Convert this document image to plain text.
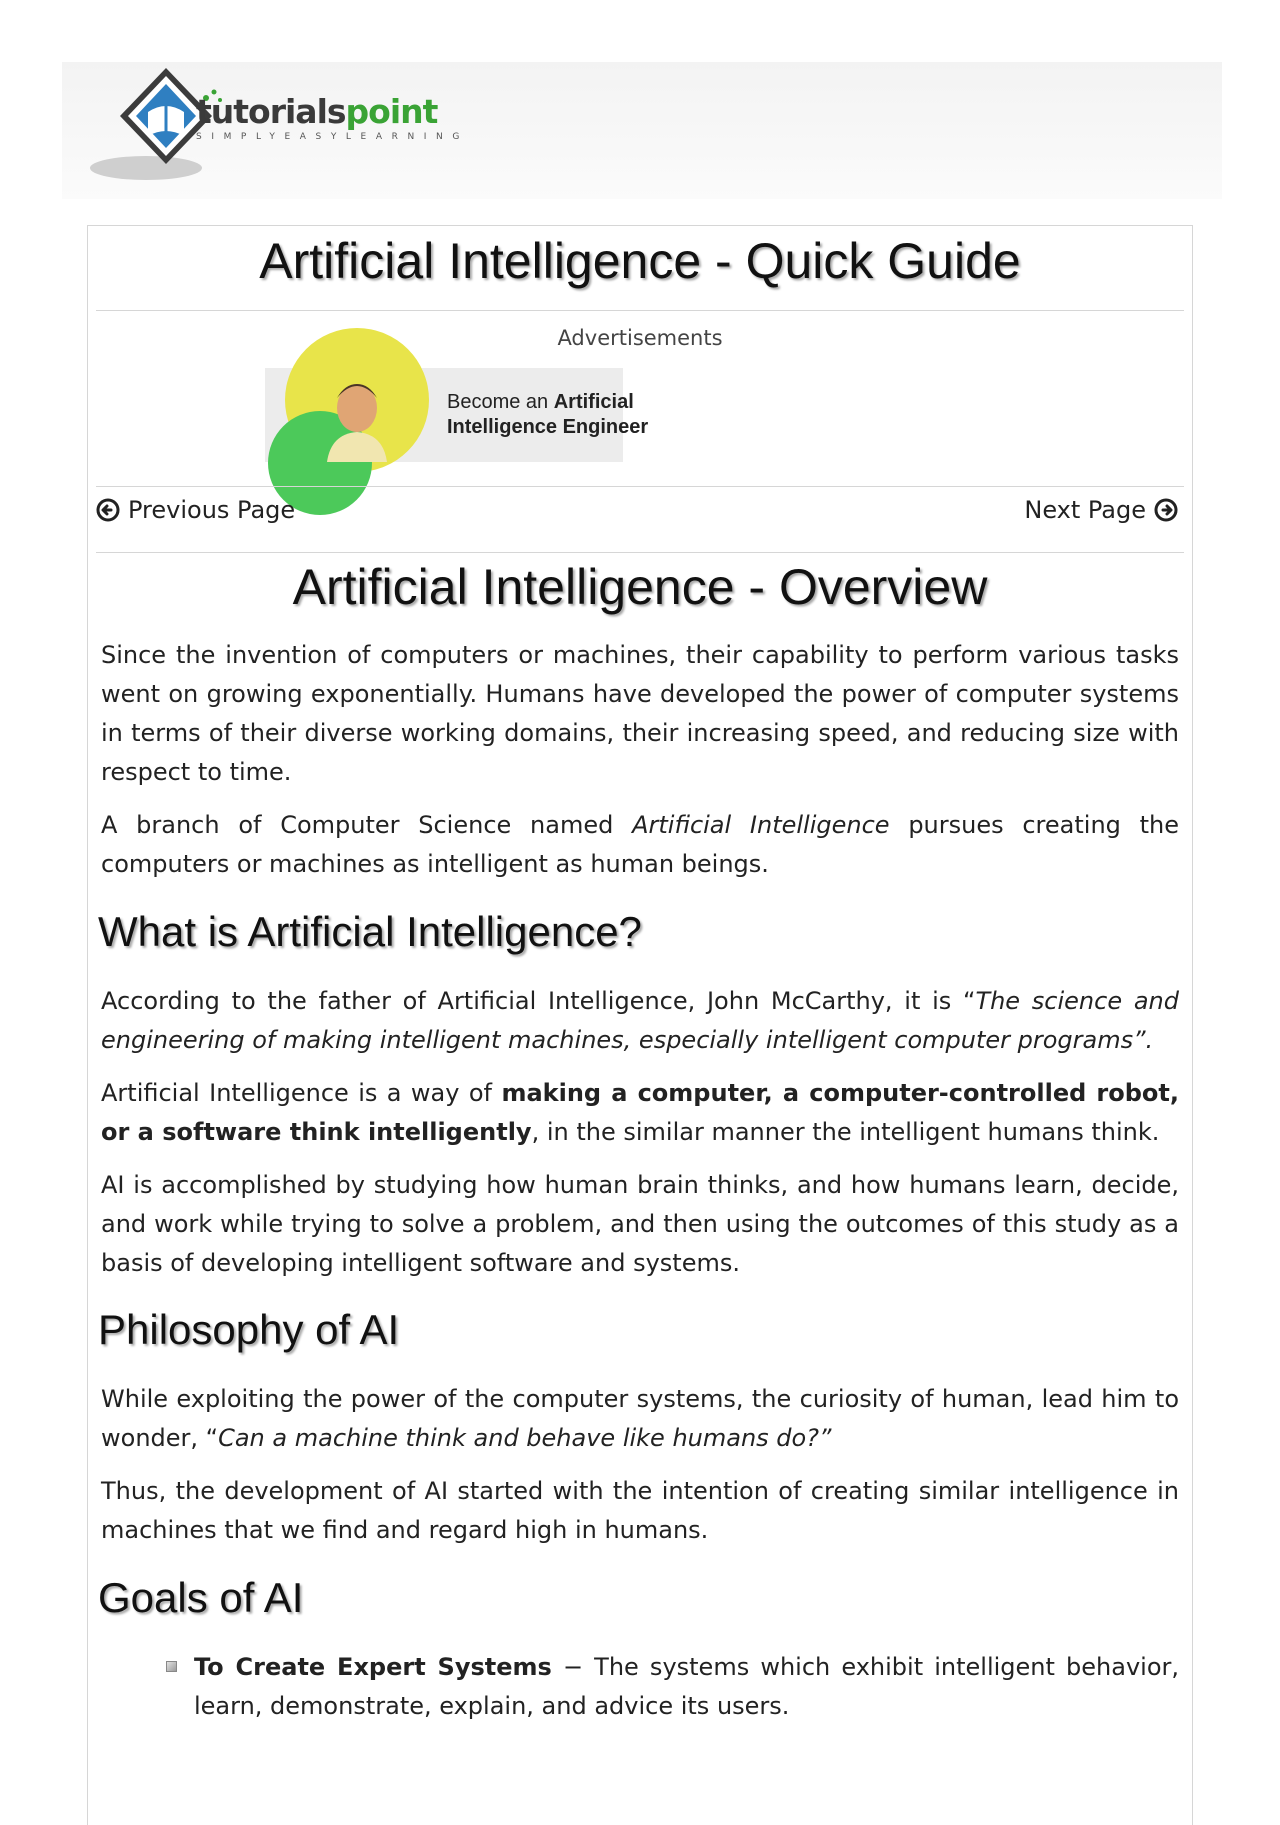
tutorialspoint
SIMPLYEASYLEARNING
Artificial Intelligence - Quick Guide
Advertisements
Become an Artificial
Intelligence Engineer
Previous Page	Next Page
Artificial Intelligence - Overview

Since the invention of computers or machines, their capability to perform various tasks went on growing exponentially. Humans have developed the power of computer systems in terms of their diverse working domains, their increasing speed, and reducing size with respect to time.

A branch of Computer Science named Artificial Intelligence pursues creating the computers or machines as intelligent as human beings.

What is Artificial Intelligence?

According to the father of Artificial Intelligence, John McCarthy, it is “The science and engineering of making intelligent machines, especially intelligent computer programs”.

Artificial Intelligence is a way of making a computer, a computer-controlled robot, or a software think intelligently, in the similar manner the intelligent humans think.

AI is accomplished by studying how human brain thinks, and how humans learn, decide, and work while trying to solve a problem, and then using the outcomes of this study as a basis of developing intelligent software and systems.

Philosophy of AI

While exploiting the power of the computer systems, the curiosity of human, lead him to wonder, “Can a machine think and behave like humans do?”

Thus, the development of AI started with the intention of creating similar intelligence in machines that we find and regard high in humans.

Goals of AI
To Create Expert Systems − The systems which exhibit intelligent behavior, learn, demonstrate, explain, and advice its users.
